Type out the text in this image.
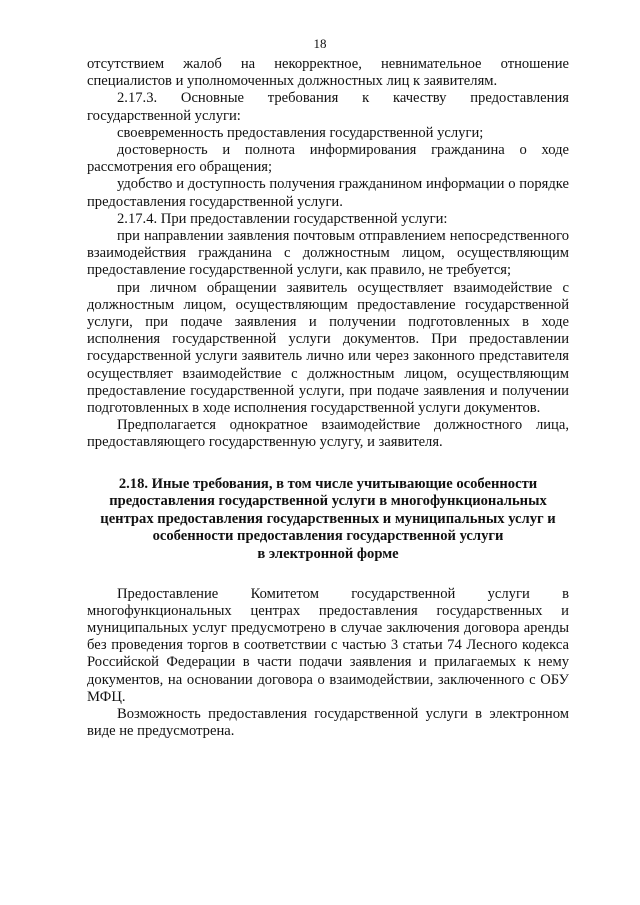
18

отсутствием жалоб на некорректное, невнимательное отношение специалистов и уполномоченных должностных лиц к заявителям.

2.17.3. Основные требования к качеству предоставления государственной услуги:

своевременность предоставления государственной услуги;

достоверность и полнота информирования гражданина о ходе рассмотрения его обращения;

удобство и доступность получения гражданином информации о порядке предоставления государственной услуги.

2.17.4. При предоставлении государственной услуги:

при направлении заявления почтовым отправлением непосредственного взаимодействия гражданина с должностным лицом, осуществляющим предоставление государственной услуги, как правило, не требуется;

при личном обращении заявитель осуществляет взаимодействие с должностным лицом, осуществляющим предоставление государственной услуги, при подаче заявления и получении подготовленных в ходе исполнения государственной услуги документов. При предоставлении государственной услуги заявитель лично или через законного представителя осуществляет взаимодействие с должностным лицом, осуществляющим предоставление государственной услуги, при подаче заявления и получении подготовленных в ходе исполнения государственной услуги документов.

Предполагается однократное взаимодействие должностного лица, предоставляющего государственную услугу, и заявителя.

2.18. Иные требования, в том числе учитывающие особенности
предоставления государственной услуги в многофункциональных
центрах предоставления государственных и муниципальных услуг и
особенности предоставления государственной услуги
в электронной форме

Предоставление Комитетом государственной услуги в многофункциональных центрах предоставления государственных и муниципальных услуг предусмотрено в случае заключения договора аренды без проведения торгов в соответствии с частью 3 статьи 74 Лесного кодекса Российской Федерации в части подачи заявления и прилагаемых к нему документов, на основании договора о взаимодействии, заключенного с ОБУ МФЦ.

Возможность предоставления государственной услуги в электронном виде не предусмотрена.
